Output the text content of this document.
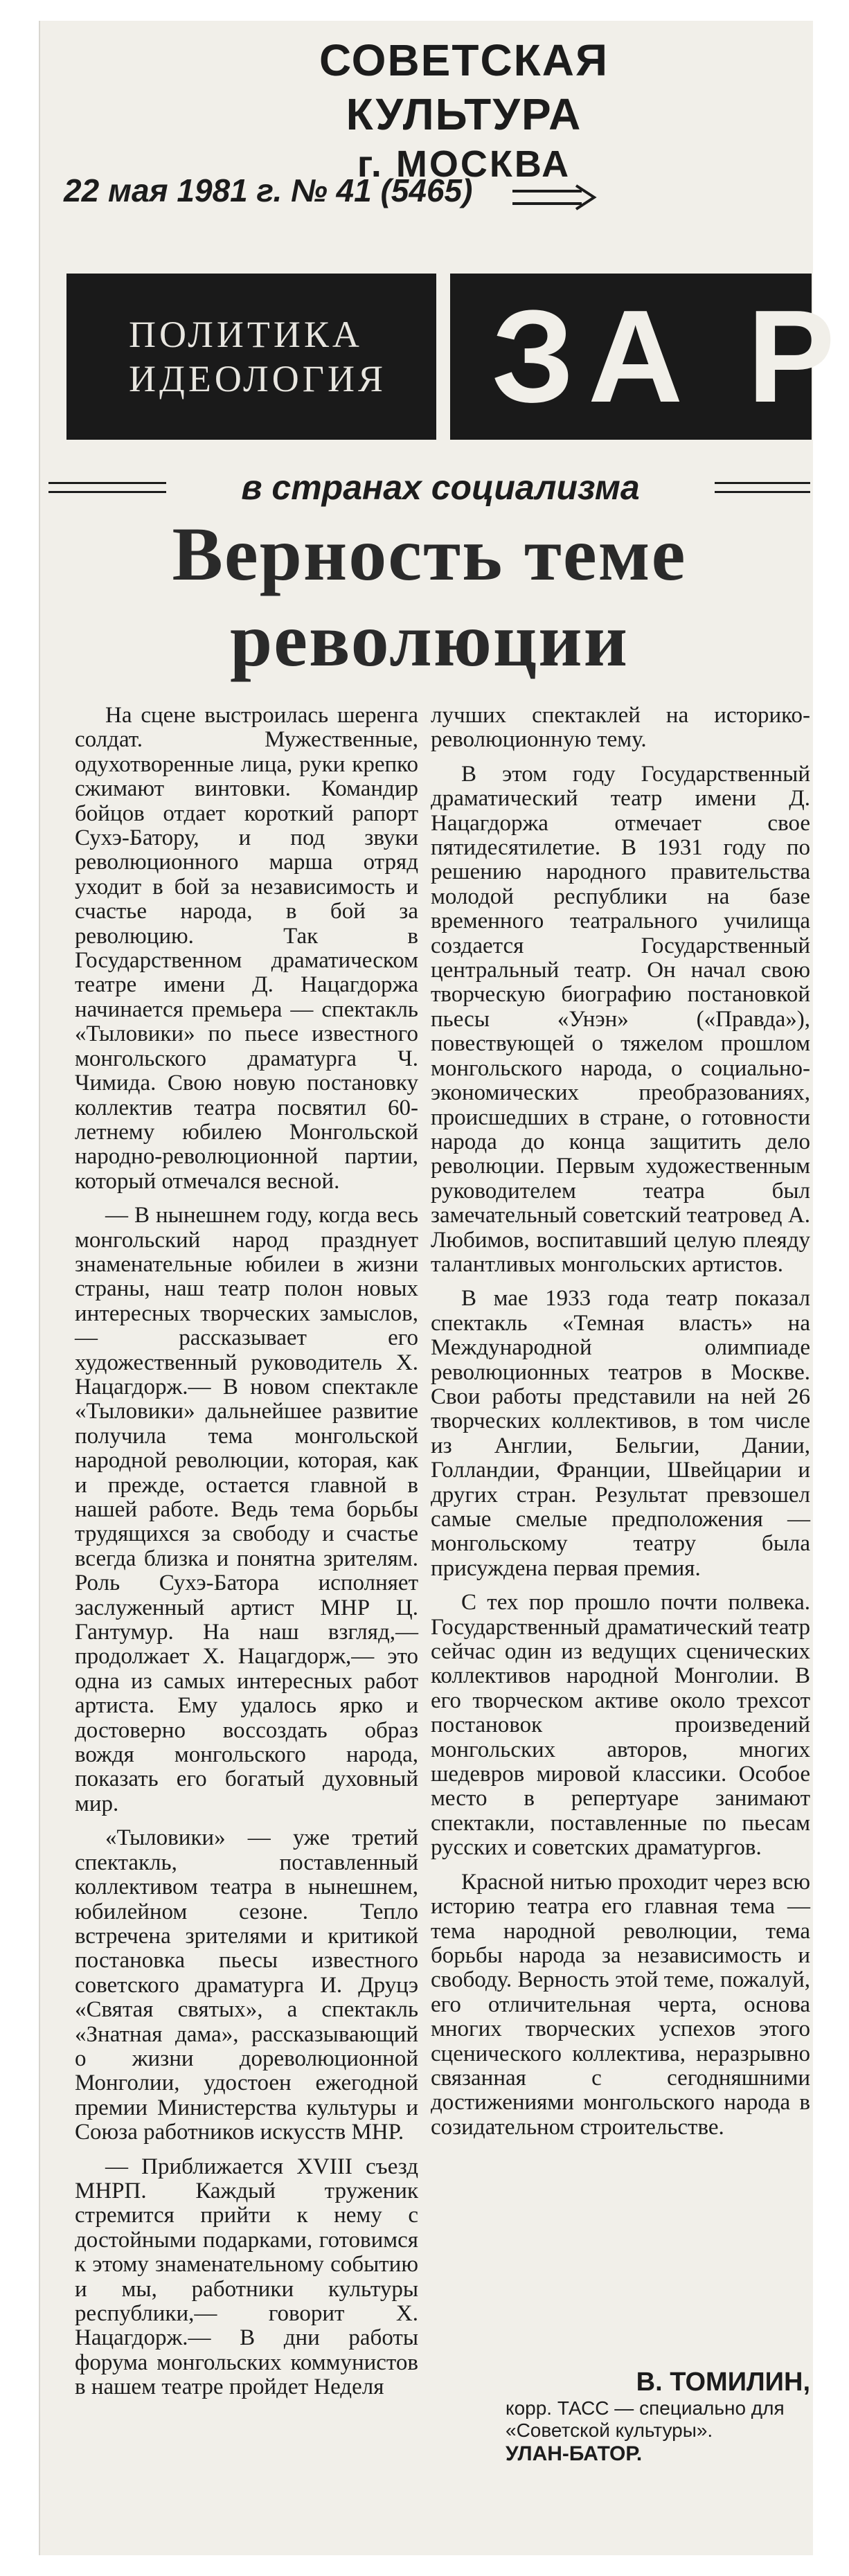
СОВЕТСКАЯ КУЛЬТУРА
г. МОСКВА
22 мая 1981 г. № 41 (5465)
ПОЛИТИКА
ИДЕОЛОГИЯ ЗА Р
в странах социализма
Верность теме
революции

На сцене выстроилась шеренга солдат. Мужественные, одухотворенные лица, руки крепко сжимают винтовки. Командир бойцов отдает короткий рапорт Сухэ-Батору, и под звуки революционного марша отряд уходит в бой за независимость и счастье народа, в бой за революцию. Так в Государственном драматическом театре имени Д. Нацагдоржа начинается премьера — спектакль «Тыловики» по пьесе известного монгольского драматурга Ч. Чимида. Свою новую постановку коллектив театра посвятил 60-летнему юбилею Монгольской народно-революционной партии, который отмечался весной.

— В нынешнем году, когда весь монгольский народ празднует знаменательные юбилеи в жизни страны, наш театр полон новых интересных творческих замыслов,— рассказывает его художественный руководитель Х. Нацагдорж.— В новом спектакле «Тыловики» дальнейшее развитие получила тема монгольской народной революции, которая, как и прежде, остается главной в нашей работе. Ведь тема борьбы трудящихся за свободу и счастье всегда близка и понятна зрителям. Роль Сухэ-Батора исполняет заслуженный артист МНР Ц. Гантумур. На наш взгляд,— продолжает Х. Нацагдорж,— это одна из самых интересных работ артиста. Ему удалось ярко и достоверно воссоздать образ вождя монгольского народа, показать его богатый духовный мир.

«Тыловики» — уже третий спектакль, поставленный коллективом театра в нынешнем, юбилейном сезоне. Тепло встречена зрителями и критикой постановка пьесы известного советского драматурга И. Друцэ «Святая святых», а спектакль «Знатная дама», рассказывающий о жизни дореволюционной Монголии, удостоен ежегодной премии Министерства культуры и Союза работников искусств МНР.

— Приближается XVIII съезд МНРП. Каждый труженик стремится прийти к нему с достойными подарками, готовимся к этому знаменательному событию и мы, работники культуры республики,— говорит Х. Нацагдорж.— В дни работы форума монгольских коммунистов в нашем театре пройдет Неделя

лучших спектаклей на историко-революционную тему.

В этом году Государственный драматический театр имени Д. Нацагдоржа отмечает свое пятидесятилетие. В 1931 году по решению народного правительства молодой республики на базе временного театрального училища создается Государственный центральный театр. Он начал свою творческую биографию постановкой пьесы «Унэн» («Правда»), повествующей о тяжелом прошлом монгольского народа, о социально-экономических преобразованиях, происшедших в стране, о готовности народа до конца защитить дело революции. Первым художественным руководителем театра был замечательный советский театровед А. Любимов, воспитавший целую плеяду талантливых монгольских артистов.

В мае 1933 года театр показал спектакль «Темная власть» на Международной олимпиаде революционных театров в Москве. Свои работы представили на ней 26 творческих коллективов, в том числе из Англии, Бельгии, Дании, Голландии, Франции, Швейцарии и других стран. Результат превзошел самые смелые предположения — монгольскому театру была присуждена первая премия.

С тех пор прошло почти полвека. Государственный драматический театр сейчас один из ведущих сценических коллективов народной Монголии. В его творческом активе около трехсот постановок произведений монгольских авторов, многих шедевров мировой классики. Особое место в репертуаре занимают спектакли, поставленные по пьесам русских и советских драматургов.

Красной нитью проходит через всю историю театра его главная тема — тема народной революции, тема борьбы народа за независимость и свободу. Верность этой теме, пожалуй, его отличительная черта, основа многих творческих успехов этого сценического коллектива, неразрывно связанная с сегодняшними достижениями монгольского народа в созидательном строительстве.

В. ТОМИЛИН,
корр. ТАСС — специально для «Советской культуры».
УЛАН-БАТОР.
